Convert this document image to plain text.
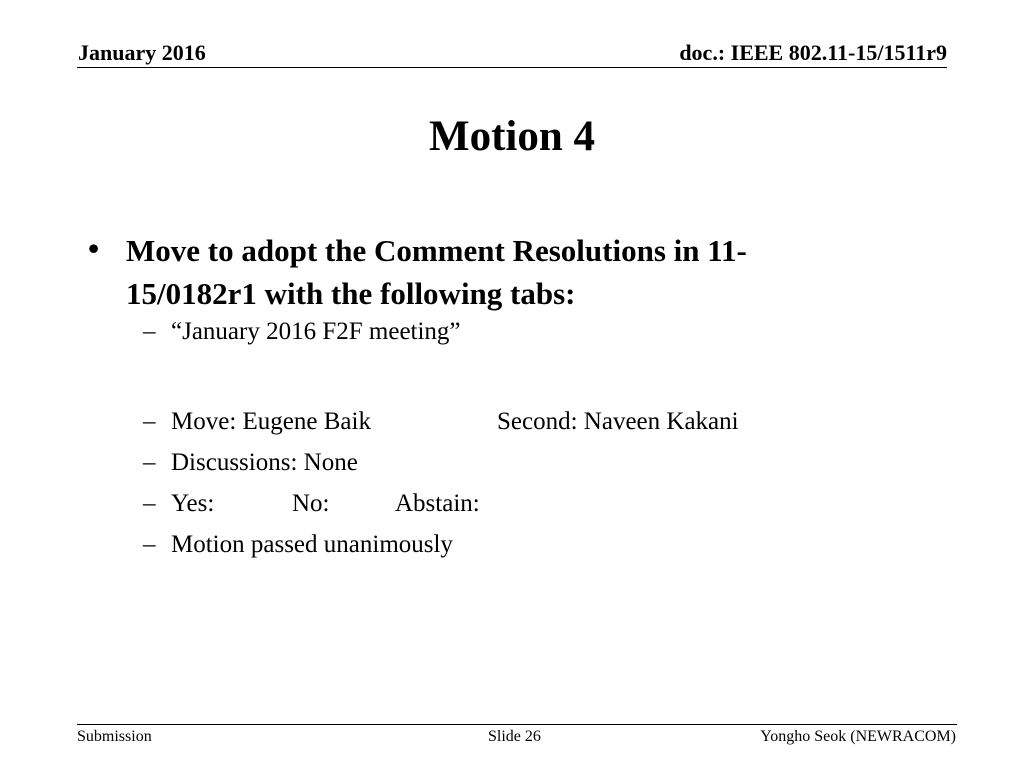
January 2016	doc.: IEEE 802.11-15/1511r9
Motion 4
• Move to adopt the Comment Resolutions in 11-
15/0182r1 with the following tabs:
– “January 2016 F2F meeting”
– Move: Eugene Baik	Second: Naveen Kakani
– Discussions: None
– Yes:	No:	Abstain:
– Motion passed unanimously
Submission	Slide 26	Yongho Seok (NEWRACOM)
